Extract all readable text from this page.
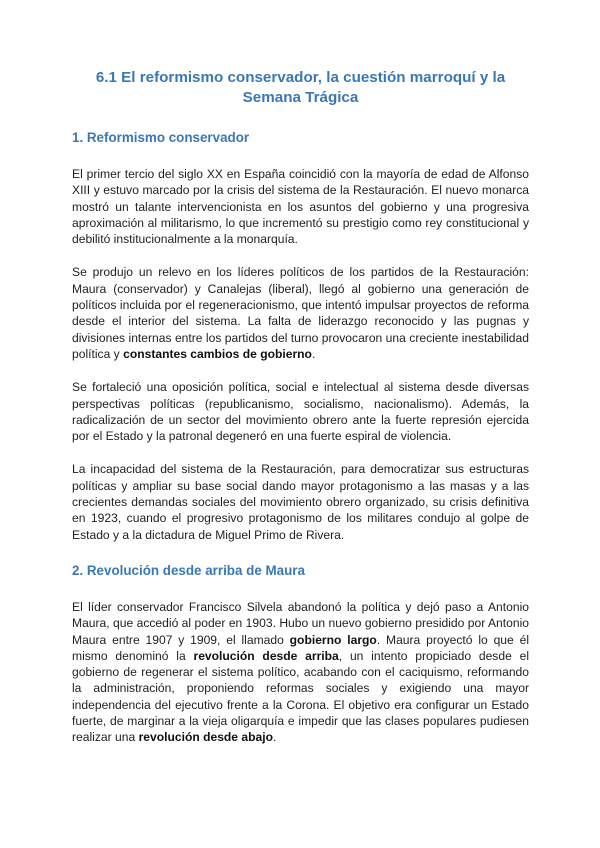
6.1 El reformismo conservador, la cuestión marroquí y la Semana Trágica
1. Reformismo conservador

El primer tercio del siglo XX en España coincidió con la mayoría de edad de Alfonso XIII y estuvo marcado por la crisis del sistema de la Restauración. El nuevo monarca mostró un talante intervencionista en los asuntos del gobierno y una progresiva aproximación al militarismo, lo que incrementó su prestigio como rey constitucional y debilitó institucionalmente a la monarquía.

Se produjo un relevo en los líderes políticos de los partidos de la Restauración: Maura (conservador) y Canalejas (liberal), llegó al gobierno una generación de políticos incluida por el regeneracionismo, que intentó impulsar proyectos de reforma desde el interior del sistema. La falta de liderazgo reconocido y las pugnas y divisiones internas entre los partidos del turno provocaron una creciente inestabilidad política y constantes cambios de gobierno.

Se fortaleció una oposición política, social e intelectual al sistema desde diversas perspectivas políticas (republicanismo, socialismo, nacionalismo). Además, la radicalización de un sector del movimiento obrero ante la fuerte represión ejercida por el Estado y la patronal degeneró en una fuerte espiral de violencia.

La incapacidad del sistema de la Restauración, para democratizar sus estructuras políticas y ampliar su base social dando mayor protagonismo a las masas y a las crecientes demandas sociales del movimiento obrero organizado, su crisis definitiva en 1923, cuando el progresivo protagonismo de los militares condujo al golpe de Estado y a la dictadura de Miguel Primo de Rivera.

2. Revolución desde arriba de Maura

El líder conservador Francisco Silvela abandonó la política y dejó paso a Antonio Maura, que accedió al poder en 1903. Hubo un nuevo gobierno presidido por Antonio Maura entre 1907 y 1909, el llamado gobierno largo. Maura proyectó lo que él mismo denominó la revolución desde arriba, un intento propiciado desde el gobierno de regenerar el sistema político, acabando con el caciquismo, reformando la administración, proponiendo reformas sociales y exigiendo una mayor independencia del ejecutivo frente a la Corona. El objetivo era configurar un Estado fuerte, de marginar a la vieja oligarquía e impedir que las clases populares pudiesen realizar una revolución desde abajo.
